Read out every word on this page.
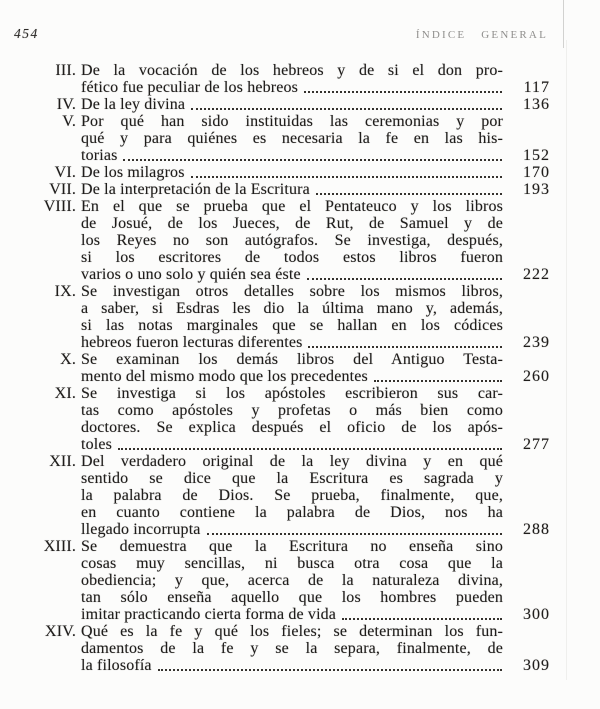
454	ÍNDICE GENERAL
III. De la vocación de los hebreos y de si el don pro-
fético fue peculiar de los hebreos	117
IV. De la ley divina	136
V. Por qué han sido instituidas las ceremonias y por
qué y para quiénes es necesaria la fe en las his-
torias	152
VI. De los milagros	170
VII. De la interpretación de la Escritura	193
VIII. En el que se prueba que el Pentateuco y los libros
de Josué, de los Jueces, de Rut, de Samuel y de
los Reyes no son autógrafos. Se investiga, después,
si los escritores de todos estos libros fueron
varios o uno solo y quién sea éste	222
IX. Se investigan otros detalles sobre los mismos libros,
a saber, si Esdras les dio la última mano y, además,
si las notas marginales que se hallan en los códices
hebreos fueron lecturas diferentes	239
X. Se examinan los demás libros del Antiguo Testa-
mento del mismo modo que los precedentes	260
XI. Se investiga si los apóstoles escribieron sus car-
tas como apóstoles y profetas o más bien como
doctores. Se explica después el oficio de los após-
toles	277
XII. Del verdadero original de la ley divina y en qué
sentido se dice que la Escritura es sagrada y
la palabra de Dios. Se prueba, finalmente, que,
en cuanto contiene la palabra de Dios, nos ha
llegado incorrupta	288
XIII. Se demuestra que la Escritura no enseña sino
cosas muy sencillas, ni busca otra cosa que la
obediencia; y que, acerca de la naturaleza divina,
tan sólo enseña aquello que los hombres pueden
imitar practicando cierta forma de vida	300
XIV. Qué es la fe y qué los fieles; se determinan los fun-
damentos de la fe y se la separa, finalmente, de
la filosofía	309
